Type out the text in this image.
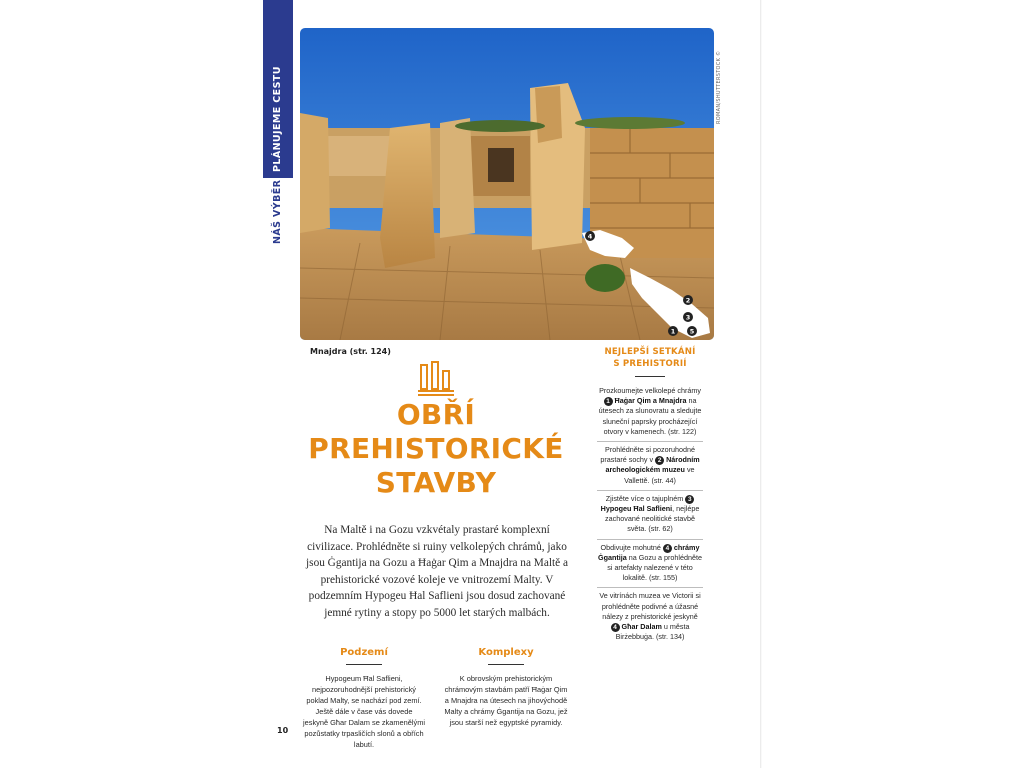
PLÁNUJEME CESTU
NÁŠ VÝBĚR	4
2
3
1 5
ROMAN/SHUTTERSTOCK ©
Mnajdra (str. 124)
OBŘÍ
PREHISTORICKÉ
STAVBY
Na Maltě i na Gozu vzkvétaly prastaré komplexní civilizace. Prohlédněte si ruiny velkolepých chrámů, jako jsou Ġgantija na Gozu a Ħaġar Qim a Mnajdra na Maltě a prehistorické vozové koleje ve vnitrozemí Malty. V podzemním Hypogeu Ħal Saflieni jsou dosud zachované jemné rytiny a stopy po 5000 let starých malbách.
Podzemí

Hypogeum Ħal Saflieni, nejpozoruhodnější prehistorický poklad Malty, se nachází pod zemí. Ještě dále v čase vás dovede jeskyně Għar Dalam se zkamenělými pozůstatky trpasličích slonů a obřích labutí.

Komplexy

K obrovským prehistorickým chrámovým stavbám patří Ħaġar Qim a Mnajdra na útesech na jihovýchodě Malty a chrámy Ġgantija na Gozu, jež jsou starší než egyptské pyramidy.

10
NEJLEPŠÍ SETKÁNÍ
S PREHISTORIÍ
Prozkoumejte velkolepé chrámy 1 Ħaġar Qim a Mnajdra na útesech za slunovratu a sledujte sluneční paprsky procházející otvory v kamenech. (str. 122)
Prohlédněte si pozoruhodné prastaré sochy v 2 Národním archeologickém muzeu ve Vallettě. (str. 44)
Zjistěte více o tajuplném 3 Hypogeu Ħal Saflieni, nejlépe zachované neolitické stavbě světa. (str. 62)
Obdivujte mohutné 4 chrámy Ġgantija na Gozu a prohlédněte si artefakty nalezené v této lokalitě. (str. 155)
Ve vitrínách muzea ve Victorii si prohlédněte podivné a úžasné nálezy z prehistorické jeskyně 4 Għar Dalam u města Birżebbuġa. (str. 134)
